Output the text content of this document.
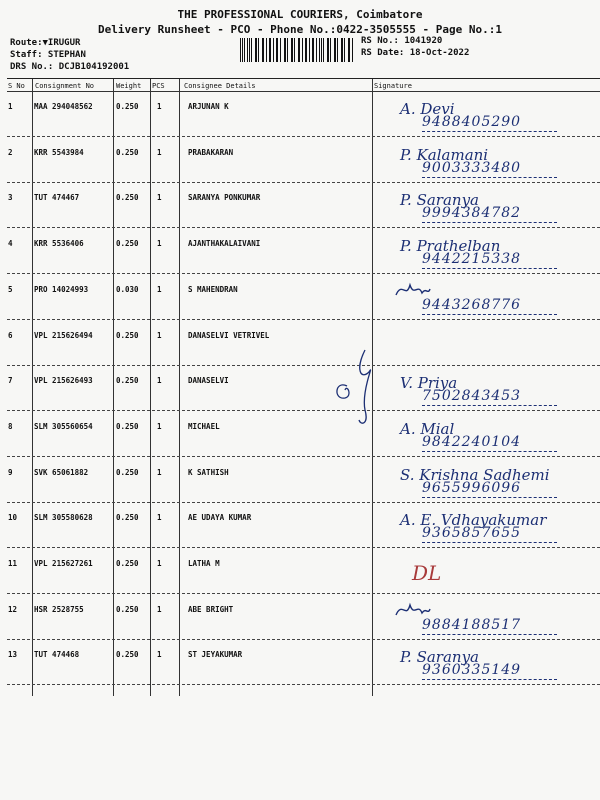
THE PROFESSIONAL COURIERS, Coimbatore
Delivery Runsheet - PCO - Phone No.:0422-3505555 - Page No.:1
Route:▼IRUGUR
Staff: STEPHAN
DRS No.: DCJB104192001
RS No.: 1041920
RS Date: 18-Oct-2022
S No Consignment No	Weight PCS	Consignee Details	Signature
1	MAA 294048562	0.250 1	ARJUNAN K	A. Devi
9488405290
2	KRR 5543984	0.250 1	PRABAKARAN	P. Kalamani
9003333480
3	TUT 474467	0.250 1	SARANYA PONKUMAR	P. Saranya
9994384782
4	KRR 5536406	0.250 1	AJANTHAKALAIVANI	P. Prathelban
9442215338
5	PRO 14024993	0.030 1	S MAHENDRAN
9443268776
6	VPL 215626494	0.250 1	DANASELVI VETRIVEL
7	VPL 215626493	0.250 1	DANASELVI	V. Priya
7502843453
8	SLM 305560654	0.250 1	MICHAEL	A. Mial
9842240104
9	SVK 65061882	0.250 1	K SATHISH	S. Krishna Sadhemi
9655996096
10 SLM 305580628	0.250 1	AE UDAYA KUMAR	A. E. Vdhayakumar
9365857655
11 VPL 215627261	0.250 1	LATHA M	DL
12 HSR 2528755	0.250 1	ABE BRIGHT
9884188517
13 TUT 474468	0.250 1	ST JEYAKUMAR	P. Saranya
9360335149
